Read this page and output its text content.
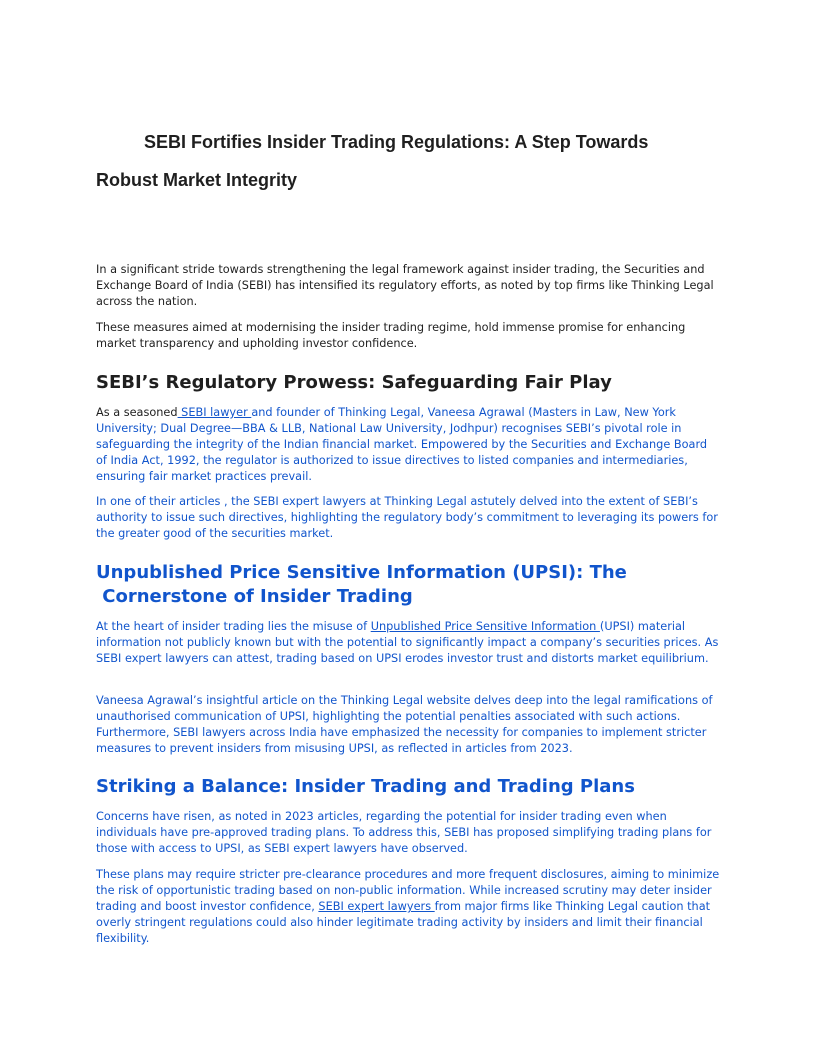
SEBI Fortifies Insider Trading Regulations: A Step Towards
Robust Market Integrity

In a significant stride towards strengthening the legal framework against insider trading, the Securities and Exchange Board of India (SEBI) has intensified its regulatory efforts, as noted by top firms like Thinking Legal across the nation.

These measures aimed at modernising the insider trading regime, hold immense promise for enhancing market transparency and upholding investor confidence.

SEBI’s Regulatory Prowess: Safeguarding Fair Play

As a seasoned SEBI lawyer and founder of Thinking Legal, Vaneesa Agrawal (Masters in Law, New York University; Dual Degree—BBA & LLB, National Law University, Jodhpur) recognises SEBI’s pivotal role in safeguarding the integrity of the Indian financial market. Empowered by the Securities and Exchange Board of India Act, 1992, the regulator is authorized to issue directives to listed companies and intermediaries, ensuring fair market practices prevail.

In one of their articles , the SEBI expert lawyers at Thinking Legal astutely delved into the extent of SEBI’s authority to issue such directives, highlighting the regulatory body’s commitment to leveraging its powers for the greater good of the securities market.

Unpublished Price Sensitive Information (UPSI): The
Cornerstone of Insider Trading

At the heart of insider trading lies the misuse of Unpublished Price Sensitive Information (UPSI) material information not publicly known but with the potential to significantly impact a company’s securities prices. As SEBI expert lawyers can attest, trading based on UPSI erodes investor trust and distorts market equilibrium.

Vaneesa Agrawal’s insightful article on the Thinking Legal website delves deep into the legal ramifications of unauthorised communication of UPSI, highlighting the potential penalties associated with such actions. Furthermore, SEBI lawyers across India have emphasized the necessity for companies to implement stricter measures to prevent insiders from misusing UPSI, as reflected in articles from 2023.

Striking a Balance: Insider Trading and Trading Plans

Concerns have risen, as noted in 2023 articles, regarding the potential for insider trading even when individuals have pre-approved trading plans. To address this, SEBI has proposed simplifying trading plans for those with access to UPSI, as SEBI expert lawyers have observed.

These plans may require stricter pre-clearance procedures and more frequent disclosures, aiming to minimize the risk of opportunistic trading based on non-public information. While increased scrutiny may deter insider trading and boost investor confidence, SEBI expert lawyers from major firms like Thinking Legal caution that overly stringent regulations could also hinder legitimate trading activity by insiders and limit their financial flexibility.
